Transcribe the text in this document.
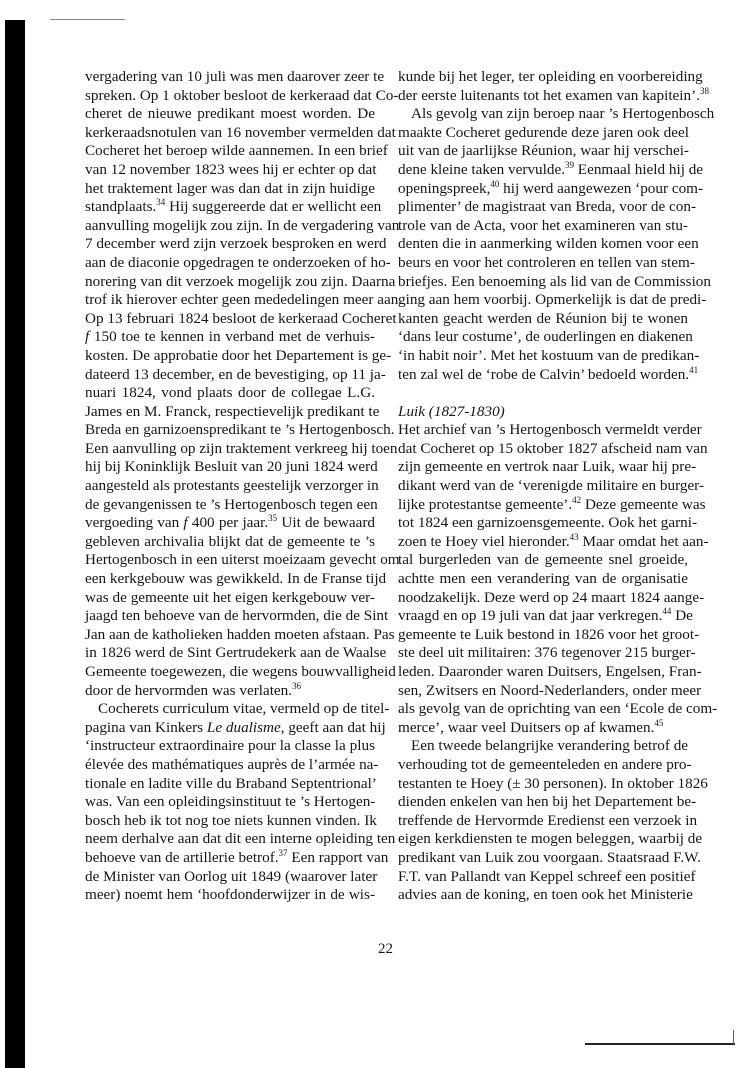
vergadering van 10 juli was men daarover zeer te
spreken. Op 1 oktober besloot de kerkeraad dat Co-
cheret de nieuwe predikant moest worden. De
kerkeraadsnotulen van 16 november vermelden dat
Cocheret het beroep wilde aannemen. In een brief
van 12 november 1823 wees hij er echter op dat
het traktement lager was dan dat in zijn huidige
standplaats.$^{34}$ Hij suggereerde dat er wellicht een
aanvulling mogelijk zou zijn. In de vergadering van
7 december werd zijn verzoek besproken en werd
aan de diaconie opgedragen te onderzoeken of ho-
norering van dit verzoek mogelijk zou zijn. Daarna
trof ik hierover echter geen mededelingen meer aan.
Op 13 februari 1824 besloot de kerkeraad Cocheret
f 150 toe te kennen in verband met de verhuis-
kosten. De approbatie door het Departement is ge-
dateerd 13 december, en de bevestiging, op 11 ja-
nuari 1824, vond plaats door de collegae L.G.
James en M. Franck, respectievelijk predikant te
Breda en garnizoenspredikant te ’s Hertogenbosch.
Een aanvulling op zijn traktement verkreeg hij toen
hij bij Koninklijk Besluit van 20 juni 1824 werd
aangesteld als protestants geestelijk verzorger in
de gevangenissen te ’s Hertogenbosch tegen een
vergoeding van f 400 per jaar.$^{35}$ Uit de bewaard
gebleven archivalia blijkt dat de gemeente te ’s
Hertogenbosch in een uiterst moeizaam gevecht om
een kerkgebouw was gewikkeld. In de Franse tijd
was de gemeente uit het eigen kerkgebouw ver-
jaagd ten behoeve van de hervormden, die de Sint
Jan aan de katholieken hadden moeten afstaan. Pas
in 1826 werd de Sint Gertrudekerk aan de Waalse
Gemeente toegewezen, die wegens bouwvalligheid
door de hervormden was verlaten.$^{36}$
Cocherets curriculum vitae, vermeld op de titel-
pagina van Kinkers Le dualisme, geeft aan dat hij
‘instructeur extraordinaire pour la classe la plus
élevée des mathématiques auprès de l’armée na-
tionale en ladite ville du Braband Septentrional’
was. Van een opleidingsinstituut te ’s Hertogen-
bosch heb ik tot nog toe niets kunnen vinden. Ik
neem derhalve aan dat dit een interne opleiding ten
behoeve van de artillerie betrof.$^{37}$ Een rapport van
de Minister van Oorlog uit 1849 (waarover later
meer) noemt hem ‘hoofdonderwijzer in de wis-
kunde bij het leger, ter opleiding en voorbereiding
der eerste luitenants tot het examen van kapitein’.$^{38}$
Als gevolg van zijn beroep naar ’s Hertogenbosch
maakte Cocheret gedurende deze jaren ook deel
uit van de jaarlijkse Réunion, waar hij verschei-
dene kleine taken vervulde.$^{39}$ Eenmaal hield hij de
openingspreek,$^{40}$ hij werd aangewezen ‘pour com-
plimenter’ de magistraat van Breda, voor de con-
trole van de Acta, voor het examineren van stu-
denten die in aanmerking wilden komen voor een
beurs en voor het controleren en tellen van stem-
briefjes. Een benoeming als lid van de Commission
ging aan hem voorbij. Opmerkelijk is dat de predi-
kanten geacht werden de Réunion bij te wonen
‘dans leur costume’, de ouderlingen en diakenen
‘in habit noir’. Met het kostuum van de predikan-
ten zal wel de ‘robe de Calvin’ bedoeld worden.$^{41}$

Luik (1827-1830)
Het archief van ’s Hertogenbosch vermeldt verder
dat Cocheret op 15 oktober 1827 afscheid nam van
zijn gemeente en vertrok naar Luik, waar hij pre-
dikant werd van de ‘verenigde militaire en burger-
lijke protestantse gemeente’.$^{42}$ Deze gemeente was
tot 1824 een garnizoensgemeente. Ook het garni-
zoen te Hoey viel hieronder.$^{43}$ Maar omdat het aan-
tal burgerleden van de gemeente snel groeide,
achtte men een verandering van de organisatie
noodzakelijk. Deze werd op 24 maart 1824 aange-
vraagd en op 19 juli van dat jaar verkregen.$^{44}$ De
gemeente te Luik bestond in 1826 voor het groot-
ste deel uit militairen: 376 tegenover 215 burger-
leden. Daaronder waren Duitsers, Engelsen, Fran-
sen, Zwitsers en Noord-Nederlanders, onder meer
als gevolg van de oprichting van een ‘Ecole de com-
merce’, waar veel Duitsers op af kwamen.$^{45}$
Een tweede belangrijke verandering betrof de
verhouding tot de gemeenteleden en andere pro-
testanten te Hoey (± 30 personen). In oktober 1826
dienden enkelen van hen bij het Departement be-
treffende de Hervormde Eredienst een verzoek in
eigen kerkdiensten te mogen beleggen, waarbij de
predikant van Luik zou voorgaan. Staatsraad F.W.
F.T. van Pallandt van Keppel schreef een positief
advies aan de koning, en toen ook het Ministerie
22
